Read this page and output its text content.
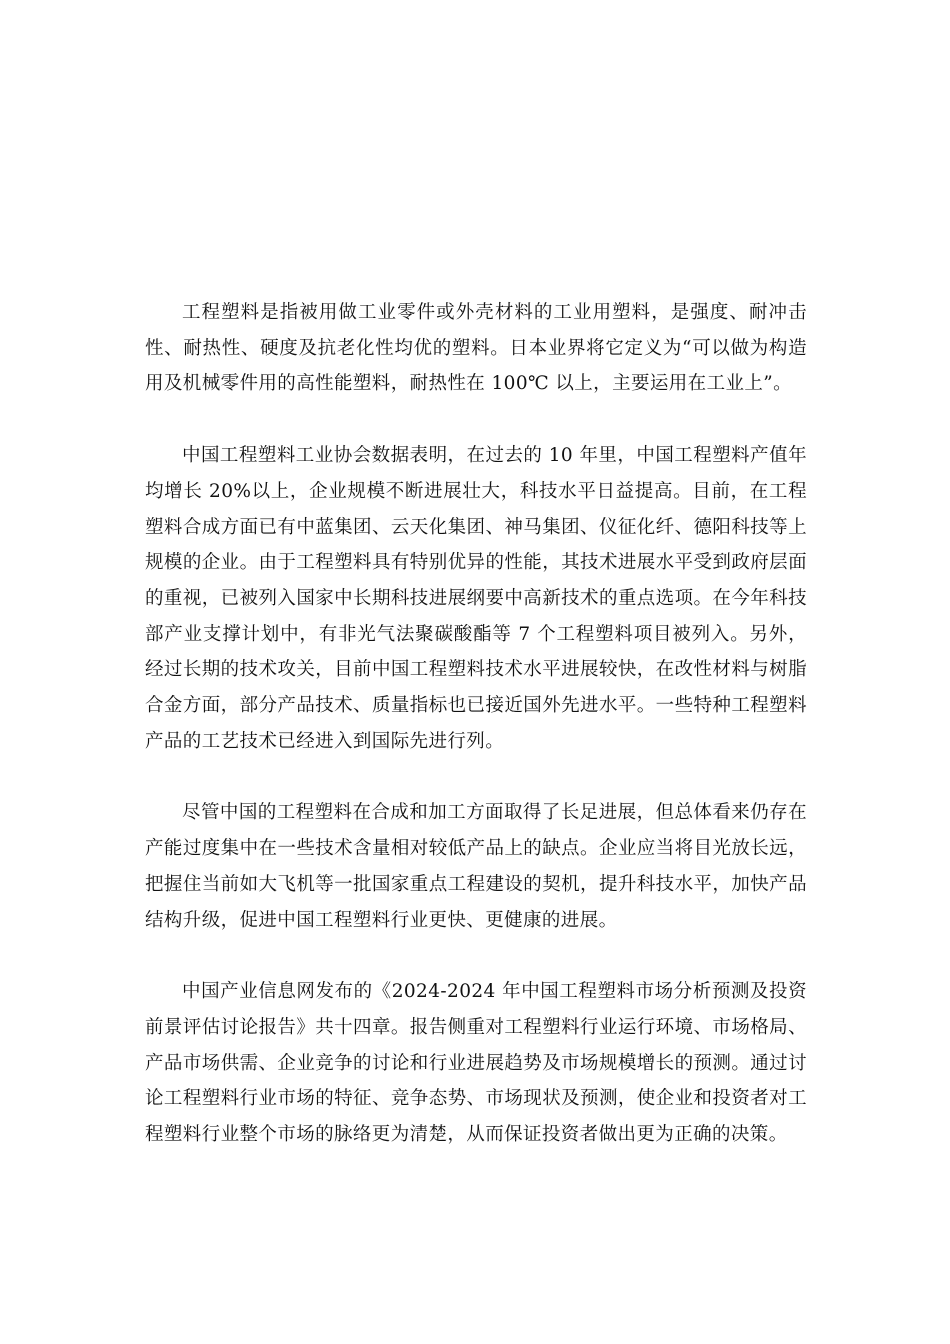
工程塑料是指被用做工业零件或外壳材料的工业用塑料，是强度、耐冲击性、耐热性、硬度及抗老化性均优的塑料。日本业界将它定义为“可以做为构造用及机械零件用的高性能塑料，耐热性在 100℃ 以上，主要运用在工业上”。

中国工程塑料工业协会数据表明，在过去的 10 年里，中国工程塑料产值年均增长 20%以上，企业规模不断进展壮大，科技水平日益提高。目前，在工程塑料合成方面已有中蓝集团、云天化集团、神马集团、仪征化纤、德阳科技等上规模的企业。由于工程塑料具有特别优异的性能，其技术进展水平受到政府层面的重视，已被列入国家中长期科技进展纲要中高新技术的重点选项。在今年科技部产业支撑计划中，有非光气法聚碳酸酯等 7 个工程塑料项目被列入。另外，经过长期的技术攻关，目前中国工程塑料技术水平进展较快，在改性材料与树脂合金方面，部分产品技术、质量指标也已接近国外先进水平。一些特种工程塑料产品的工艺技术已经进入到国际先进行列。

尽管中国的工程塑料在合成和加工方面取得了长足进展，但总体看来仍存在产能过度集中在一些技术含量相对较低产品上的缺点。企业应当将目光放长远，把握住当前如大飞机等一批国家重点工程建设的契机，提升科技水平，加快产品结构升级，促进中国工程塑料行业更快、更健康的进展。

中国产业信息网发布的《2024-2024 年中国工程塑料市场分析预测及投资前景评估讨论报告》共十四章。报告侧重对工程塑料行业运行环境、市场格局、产品市场供需、企业竞争的讨论和行业进展趋势及市场规模增长的预测。通过讨论工程塑料行业市场的特征、竞争态势、市场现状及预测，使企业和投资者对工程塑料行业整个市场的脉络更为清楚，从而保证投资者做出更为正确的决策。
